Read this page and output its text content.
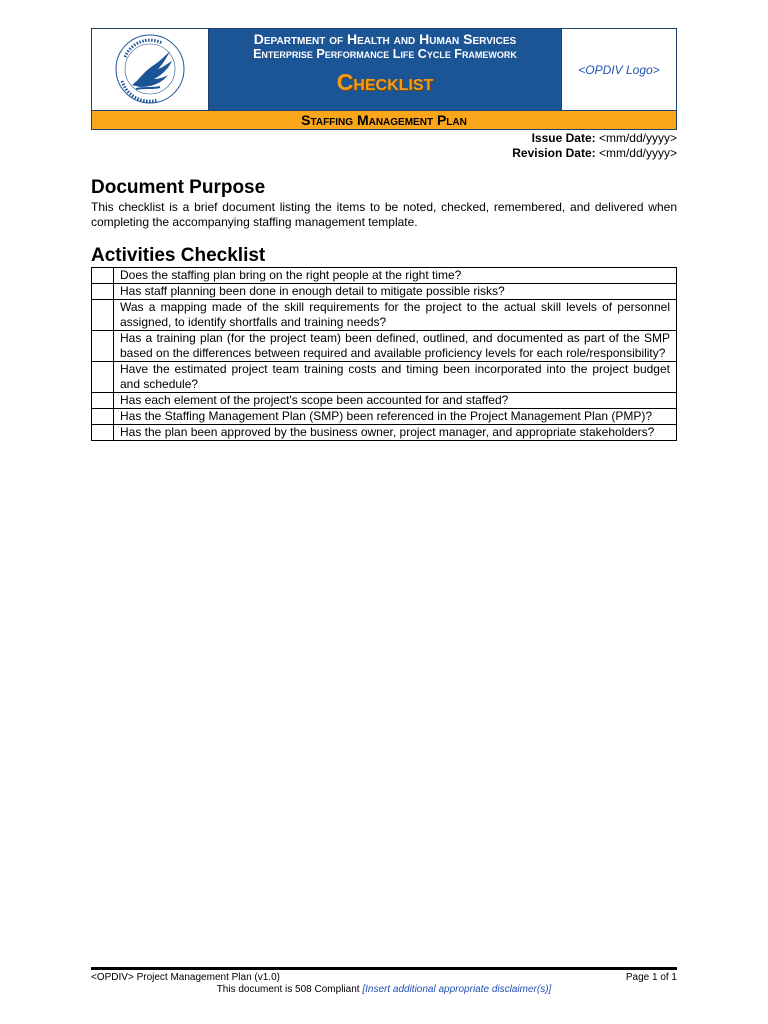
Department of Health and Human Services
Enterprise Performance Life Cycle Framework
Checklist	<OPDIV Logo>
Staffing Management Plan
Issue Date: <mm/dd/yyyy>
Revision Date: <mm/dd/yyyy>
Document Purpose
This checklist is a brief document listing the items to be noted, checked, remembered, and delivered when completing the accompanying staffing management template.
Activities Checklist
	Does the staffing plan bring on the right people at the right time?
	Has staff planning been done in enough detail to mitigate possible risks?
	Was a mapping made of the skill requirements for the project to the actual skill levels of personnel assigned, to identify shortfalls and training needs?
	Has a training plan (for the project team) been defined, outlined, and documented as part of the SMP based on the differences between required and available proficiency levels for each role/responsibility?
	Have the estimated project team training costs and timing been incorporated into the project budget and schedule?
	Has each element of the project's scope been accounted for and staffed?
	Has the Staffing Management Plan (SMP) been referenced in the Project Management Plan (PMP)?
	Has the plan been approved by the business owner, project manager, and appropriate stakeholders?
<OPDIV> Project Management Plan (v1.0)	Page 1 of 1
This document is 508 Compliant [Insert additional appropriate disclaimer(s)]
